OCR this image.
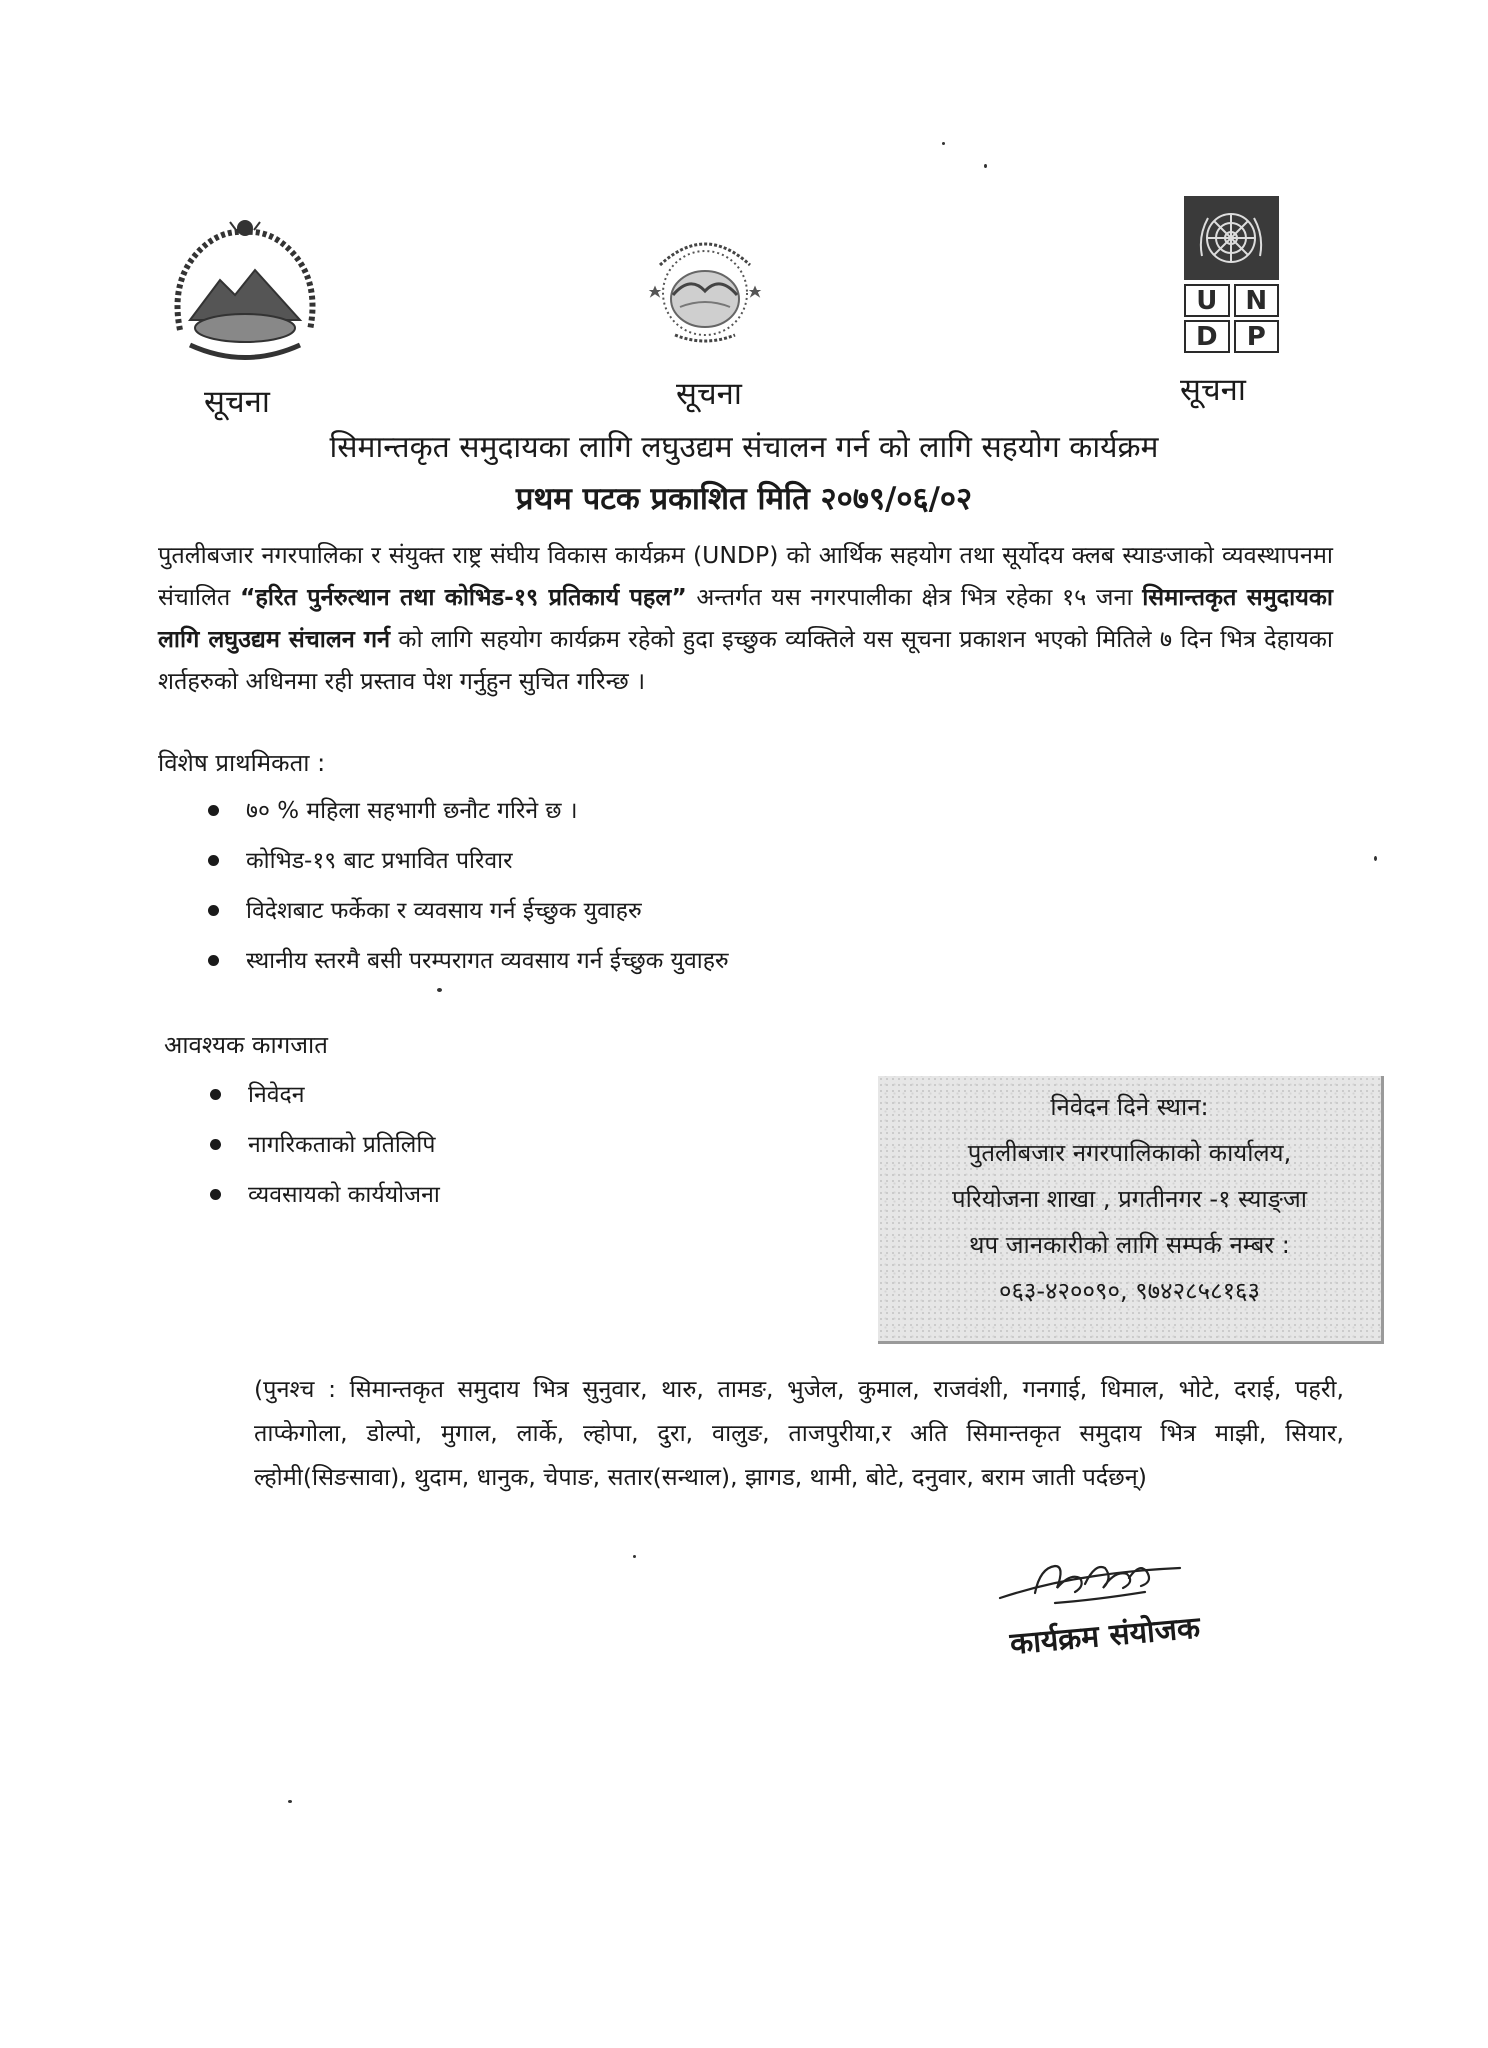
U	N
D	P
सूचना	सूचना	सूचना
सिमान्तकृत समुदायका लागि लघुउद्यम संचालन गर्न को लागि सहयोग कार्यक्रम
प्रथम पटक प्रकाशित मिति २०७९/०६/०२
पुतलीबजार नगरपालिका र संयुक्त राष्ट्र संघीय विकास कार्यक्रम (UNDP) को आर्थिक सहयोग तथा सूर्योदय क्लब स्याङजाको व्यवस्थापनमा संचालित “हरित पुर्नरुत्थान तथा कोभिड-१९ प्रतिकार्य पहल” अन्तर्गत यस नगरपालीका क्षेत्र भित्र रहेका १५ जना सिमान्तकृत समुदायका लागि लघुउद्यम संचालन गर्न को लागि सहयोग कार्यक्रम रहेको हुदा इच्छुक व्यक्तिले यस सूचना प्रकाशन भएको मितिले ७ दिन भित्र देहायका शर्तहरुको अधिनमा रही प्रस्ताव पेश गर्नुहुन सुचित गरिन्छ ।
विशेष प्राथमिकता :
७० % महिला सहभागी छनौट गरिने छ ।
कोभिड-१९ बाट प्रभावित परिवार
विदेशबाट फर्केका र व्यवसाय गर्न ईच्छुक युवाहरु
स्थानीय स्तरमै बसी परम्परागत व्यवसाय गर्न ईच्छुक युवाहरु
आवश्यक कागजात
निवेदन
नागरिकताको प्रतिलिपि
व्यवसायको कार्ययोजना
निवेदन दिने स्थान:
पुतलीबजार नगरपालिकाको कार्यालय,
परियोजना शाखा , प्रगतीनगर -१ स्याङ्जा
थप जानकारीको लागि सम्पर्क नम्बर :
०६३-४२००९०, ९७४२८५८१६३
(पुनश्च : सिमान्तकृत समुदाय भित्र सुनुवार, थारु, तामङ, भुजेल, कुमाल, राजवंशी, गनगाई, धिमाल, भोटे, दराई, पहरी, ताप्केगोला, डोल्पो, मुगाल, लार्के, ल्होपा, दुरा, वालुङ, ताजपुरीया,र अति सिमान्तकृत समुदाय भित्र माझी, सियार, ल्होमी(सिङसावा), थुदाम, धानुक, चेपाङ, सतार(सन्थाल), झागड, थामी, बोटे, दनुवार, बराम जाती पर्दछन्)
कार्यक्रम संयोजक
